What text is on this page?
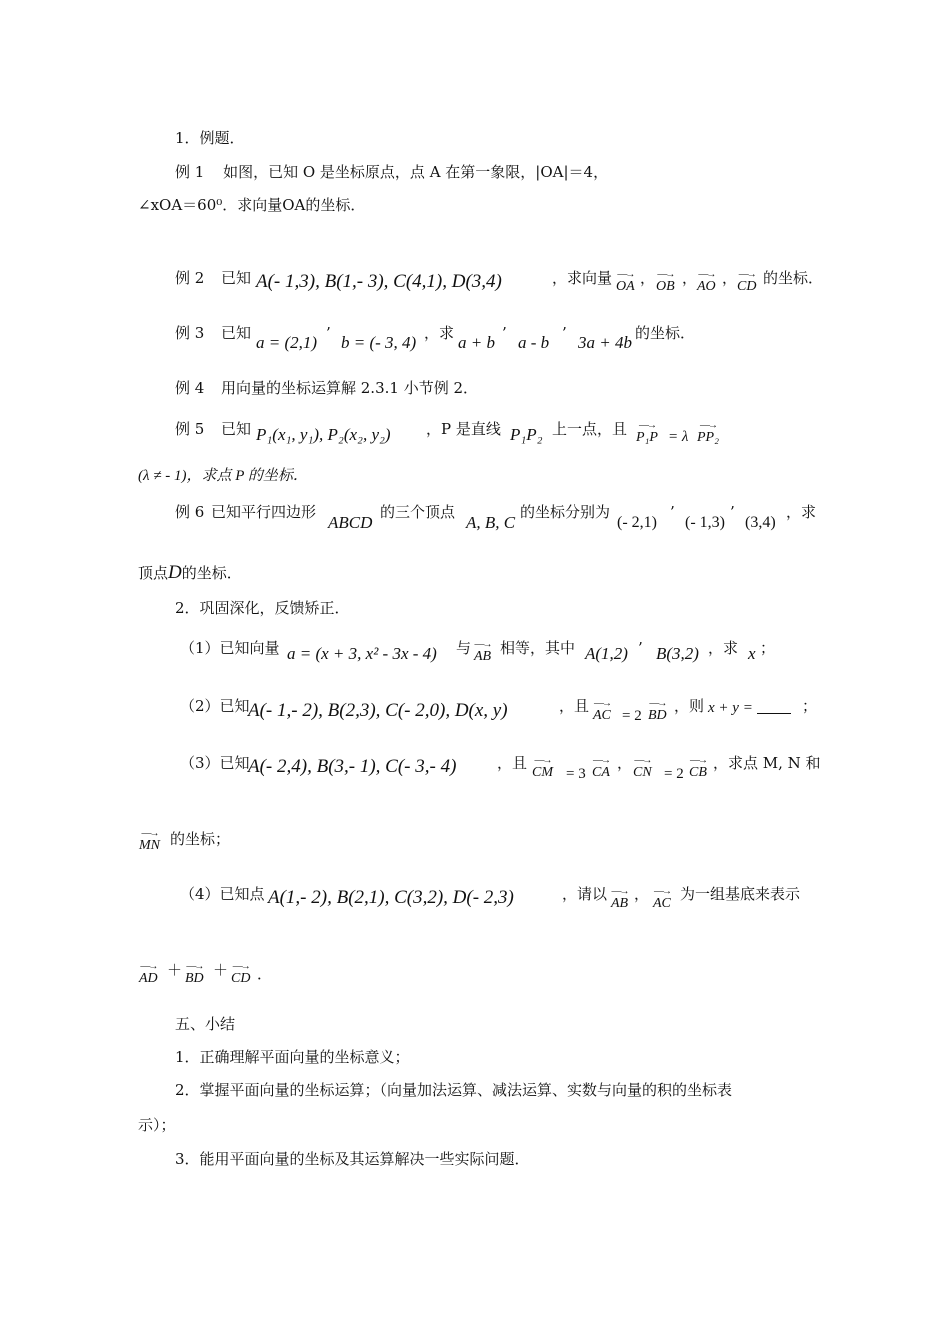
1．例题．
例 1 如图，已知 O 是坐标原点，点 A 在第一象限，|OA|＝4，
∠xOA＝60⁰．求向量OA的坐标．
例 2 已知 A(- 1,3), B(1,- 3), C(4,1), D(3,4)	，求向量 —→ OA ， —→ OB ， —→ AO ， —→ CD 的坐标．
例 3 已知 a = (2,1) ’ b = (- 3, 4) ，求 a + b ’ a - b ’ 3a + 4b 的坐标．
例 4 用向量的坐标运算解 2.3.1 小节例 2．
例 5 已知 P₁(x₁, y₁), P₂(x₂, y₂) ，P 是直线 P₁P₂ 上一点，且 —→ P₁P = λ —→ PP₂
(λ ≠ - 1)，求点 P 的坐标．
例 6 已知平行四边形
ABCD
的三个顶点
A, B, C
的坐标分别为
(- 2,1)
’
(- 1,3)
’
(3,4)
，求
顶点D的坐标．
2．巩固深化，反馈矫正．
（1）已知向量 a = (x + 3, x² - 3x - 4) 与 —→ AB 相等，其中 A(1,2) ’ B(3,2) ，求 x ；
（2）已知
A(- 1,- 2), B(2,3), C(- 2,0), D(x, y)	，且
—→ AC = 2 —→ BD
，则 x + y =	；
（3）已知
A(- 2,4), B(3,- 1), C(- 3,- 4)	，且
—→ CM = 3 —→ CA
，
—→ CN = 2 —→ CB
，求点 M, N 和
—→ MN 的坐标；
（4）已知点 A(1,- 2), B(2,1), C(3,2), D(- 2,3)	，请以
—→ AB
，
—→ AC
为一组基底来表示
—→ AD ＋ —→ BD ＋ —→ CD ．
五、小结
1．正确理解平面向量的坐标意义；
2．掌握平面向量的坐标运算；（向量加法运算、减法运算、实数与向量的积的坐标表
示）；
3．能用平面向量的坐标及其运算解决一些实际问题．
